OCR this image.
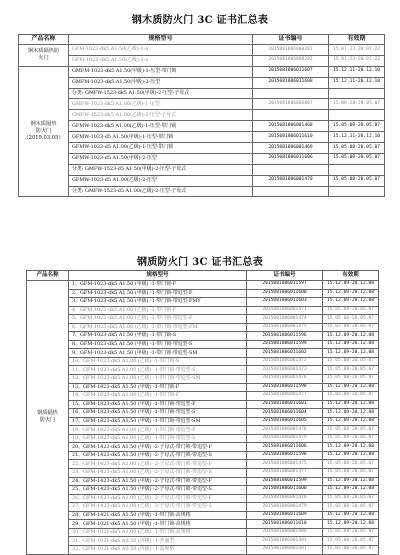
钢木质防火门 3C 证书汇总表
产品名称	规格型号	证书编号	有效期

钢木质隔热防
火门	GFM-1023-dk5 A1.50(乙级)-1-a	2015081806008281	15.07.23-20.07.22
	GFM-1023-dk5 A1.50(乙级)-1-a	2015081806008282	15.07.23-20.07.22

钢木质隔热
防火门
（2019.03.05）	GMFM-1023-dk5 A1.50(甲级)-1-压型-带门锁	2015081806011607	15.12.11-20.12.10
	GMFM-1023-dk5 A1.50(甲级)-2-压型	2015081806011608	15.12.11-20.12.10
	分类: GMFW-1523-dk5 A1.50(甲级)-2-压型-子母式		
	GMFW-1023-dk5 A1.00(乙级)-1-压型	2015081806006807	15.08.28-20.05.07
	GMFW-1523-dk5 A1.00(乙级)-2-压型-子母式		
	GFMW-1023-dk5 A1.00(乙级)-1-压型-带门锁	2015081806001468	15.05.08-20.05.07
	GFMW-1023-d5 A1.50(甲级)-1-压型-带门锁	2015081806011610	15.12.11-20.12.10
	GFMW-1023-d5 A1.00(乙级)-1-压型-带门锁	2015081806001469	15.05.08-20.05.07
	GFMW-1023-d5 A1.50(甲级)-2-压型	2015081806011606	15.05.08-20.05.07
	分类: GMFW-1523-d5 A1.50(甲级)-2-压型-子母式		
	GFMW-1023-d5 A1.00(乙级)-2-压型	2015081806001470	15.05.08-20.05.07
	分类: GMFW-1523-d5 A1.00(乙级)-2-压型-子母式		
钢质防火门 3C 证书汇总表
产品名称	规格型号	证书编号	有效期

钢质隔热
防火门	1、GFM-1023-dk5 A1.50 (甲级) -1-带门锁-F	2015081806011597	15.12.09-20.12.08
	2、GFM-1023-dk5 A1.50 (甲级) -1-带门锁-带追型-F	2015081806011600	15.12.09-20.12.08
	3、GFM-1023-dk5 A1.50 (甲级) -1-带门锁-带追型-FMY	2015081806011603	15.12.09-20.12.08
	4、GFM-1023-dk5 A1.00 (乙级) -1-带门锁-F	2015081806001471	15.05.08-20.05.07
	5、GFM-1023-dk5 A1.00 (乙级) -1-带门锁-带追型-F	2015081806001474	15.05.08-20.05.07
	6、GFM-1023-dk5 A1.00 (乙级) -1-带门锁-带追型-FM	2015081806001475	15.05.08-20.05.07
	7、GFM-1023-dk5 A1.50 (甲级) -1-带门锁-S	2015081806011596	15.12.09-20.12.08
	8、GFM-1023-dk5 A1.50 (甲级) -1-带门锁-带追型-S	2015081806011599	15.12.09-20.12.08
	9、GFM-1023-dk5 A1.50 (甲级) -1-带门锁-带追型-SM	2015081806011602	15.12.09-20.12.08
	10、GFM-1023-dk5 A1.00 (乙级) -1-带门锁-S	2015081806001472	15.05.08-20.05.07
	11、GFM-1023-dk5 A1.00 (乙级) -1-带门锁-带追型-S	2015081806001473	15.05.08-20.05.07
	12、GFM-1023-dk5 A1.00 (乙级) -1-带门锁-带追型-SM	2015081806001476	15.05.08-20.05.07
	13、GFM-1823-dk5 A1.50 (甲级) -1-带门锁-F	2015081806011598	15.12.09-20.12.08
	14、GFM-1823-dk5 A1.00 (乙级) -1-带门锁-F	2015081806001477	15.05.08-20.05.07
	15、GFM-1823-dk5 A1.50 (甲级) -1-带门锁-带追型-F	2015081806011601	15.12.09-20.12.08
	16、GFM-1823-dk5 A1.50 (甲级) -1-带门锁-带追型-S	2015081806011604	15.12.09-20.12.08
	17、GFM-1823-dk5 A1.50 (甲级) -1-带门锁-带追型-SM	2015081806011605	15.12.09-20.12.08
	18、GFM-1823-dk5 A1.00 (乙级) -1-带门锁-带追型-F	2015081806001478	15.05.08-20.05.07
	19、GFM-1823-dk5 A1.00 (乙级) -1-带门锁-带追型-S	2015081806001479	15.05.08-20.05.07
	20、GFM-1423-dk5 A1.50 (甲级) -2-子母式-带门锁-带追型-F	2015081806011606	15.12.09-20.12.08
	21、GFM-1423-dk5 A1.50 (甲级) -2-子母式-带门锁-带追型-S	2015081806011598	15.12.09-20.12.08
	22、GFM-1423-dk5 A1.00 (乙级) -2-子母式-带门锁-带追型-F	2015081806001475	15.05.08-20.05.07
	23、GFM-1423-dk5 A1.00 (乙级) -2-子母式-带门锁-带追型-S	2015081806001477	15.05.08-20.05.07
	24、GFM-1423-dk5 A1.50 (甲级) -2-子母式-带门锁-带追型-F	2015081806011599	15.12.09-20.12.08
	25、GFM-1423-dk5 A1.50 (甲级) -2-子母式-带门锁-带追型-S	2015081806011600	15.12.09-20.12.08
	26、GFM-1423-dk5 A1.00 (乙级) -2-子母式-带门锁-带追型-F	2015081806001478	15.05.08-20.05.07
	27、GFM-1423-dk5 A1.00 (乙级) -2-子母式-带门锁-带追型-S	2015081806001479	15.05.08-20.05.07
	28、GFM-1421-dk5 A1.50 (甲级) -1-带门锁-高规格	2015081806011609	15.12.09-20.12.08
	29、GFM-1021-dk5 A1.50 (甲级) -1-带门锁-高规格	2015081806011610	15.12.09-20.12.08
	30、GFM-1021-dk5 A1.00 (乙级) -1-带门锁-高规格	2015081806001480	15.05.08-20.05.07
	31、GFM-1021-dk5 A0.50 (丙级) -1-普通型	2015081806001483	15.05.08-20.05.07
	32、GFM-1021-dk5 A0.50 (丙级) -1-高规格	2015081806001481	15.05.08-20.05.07
